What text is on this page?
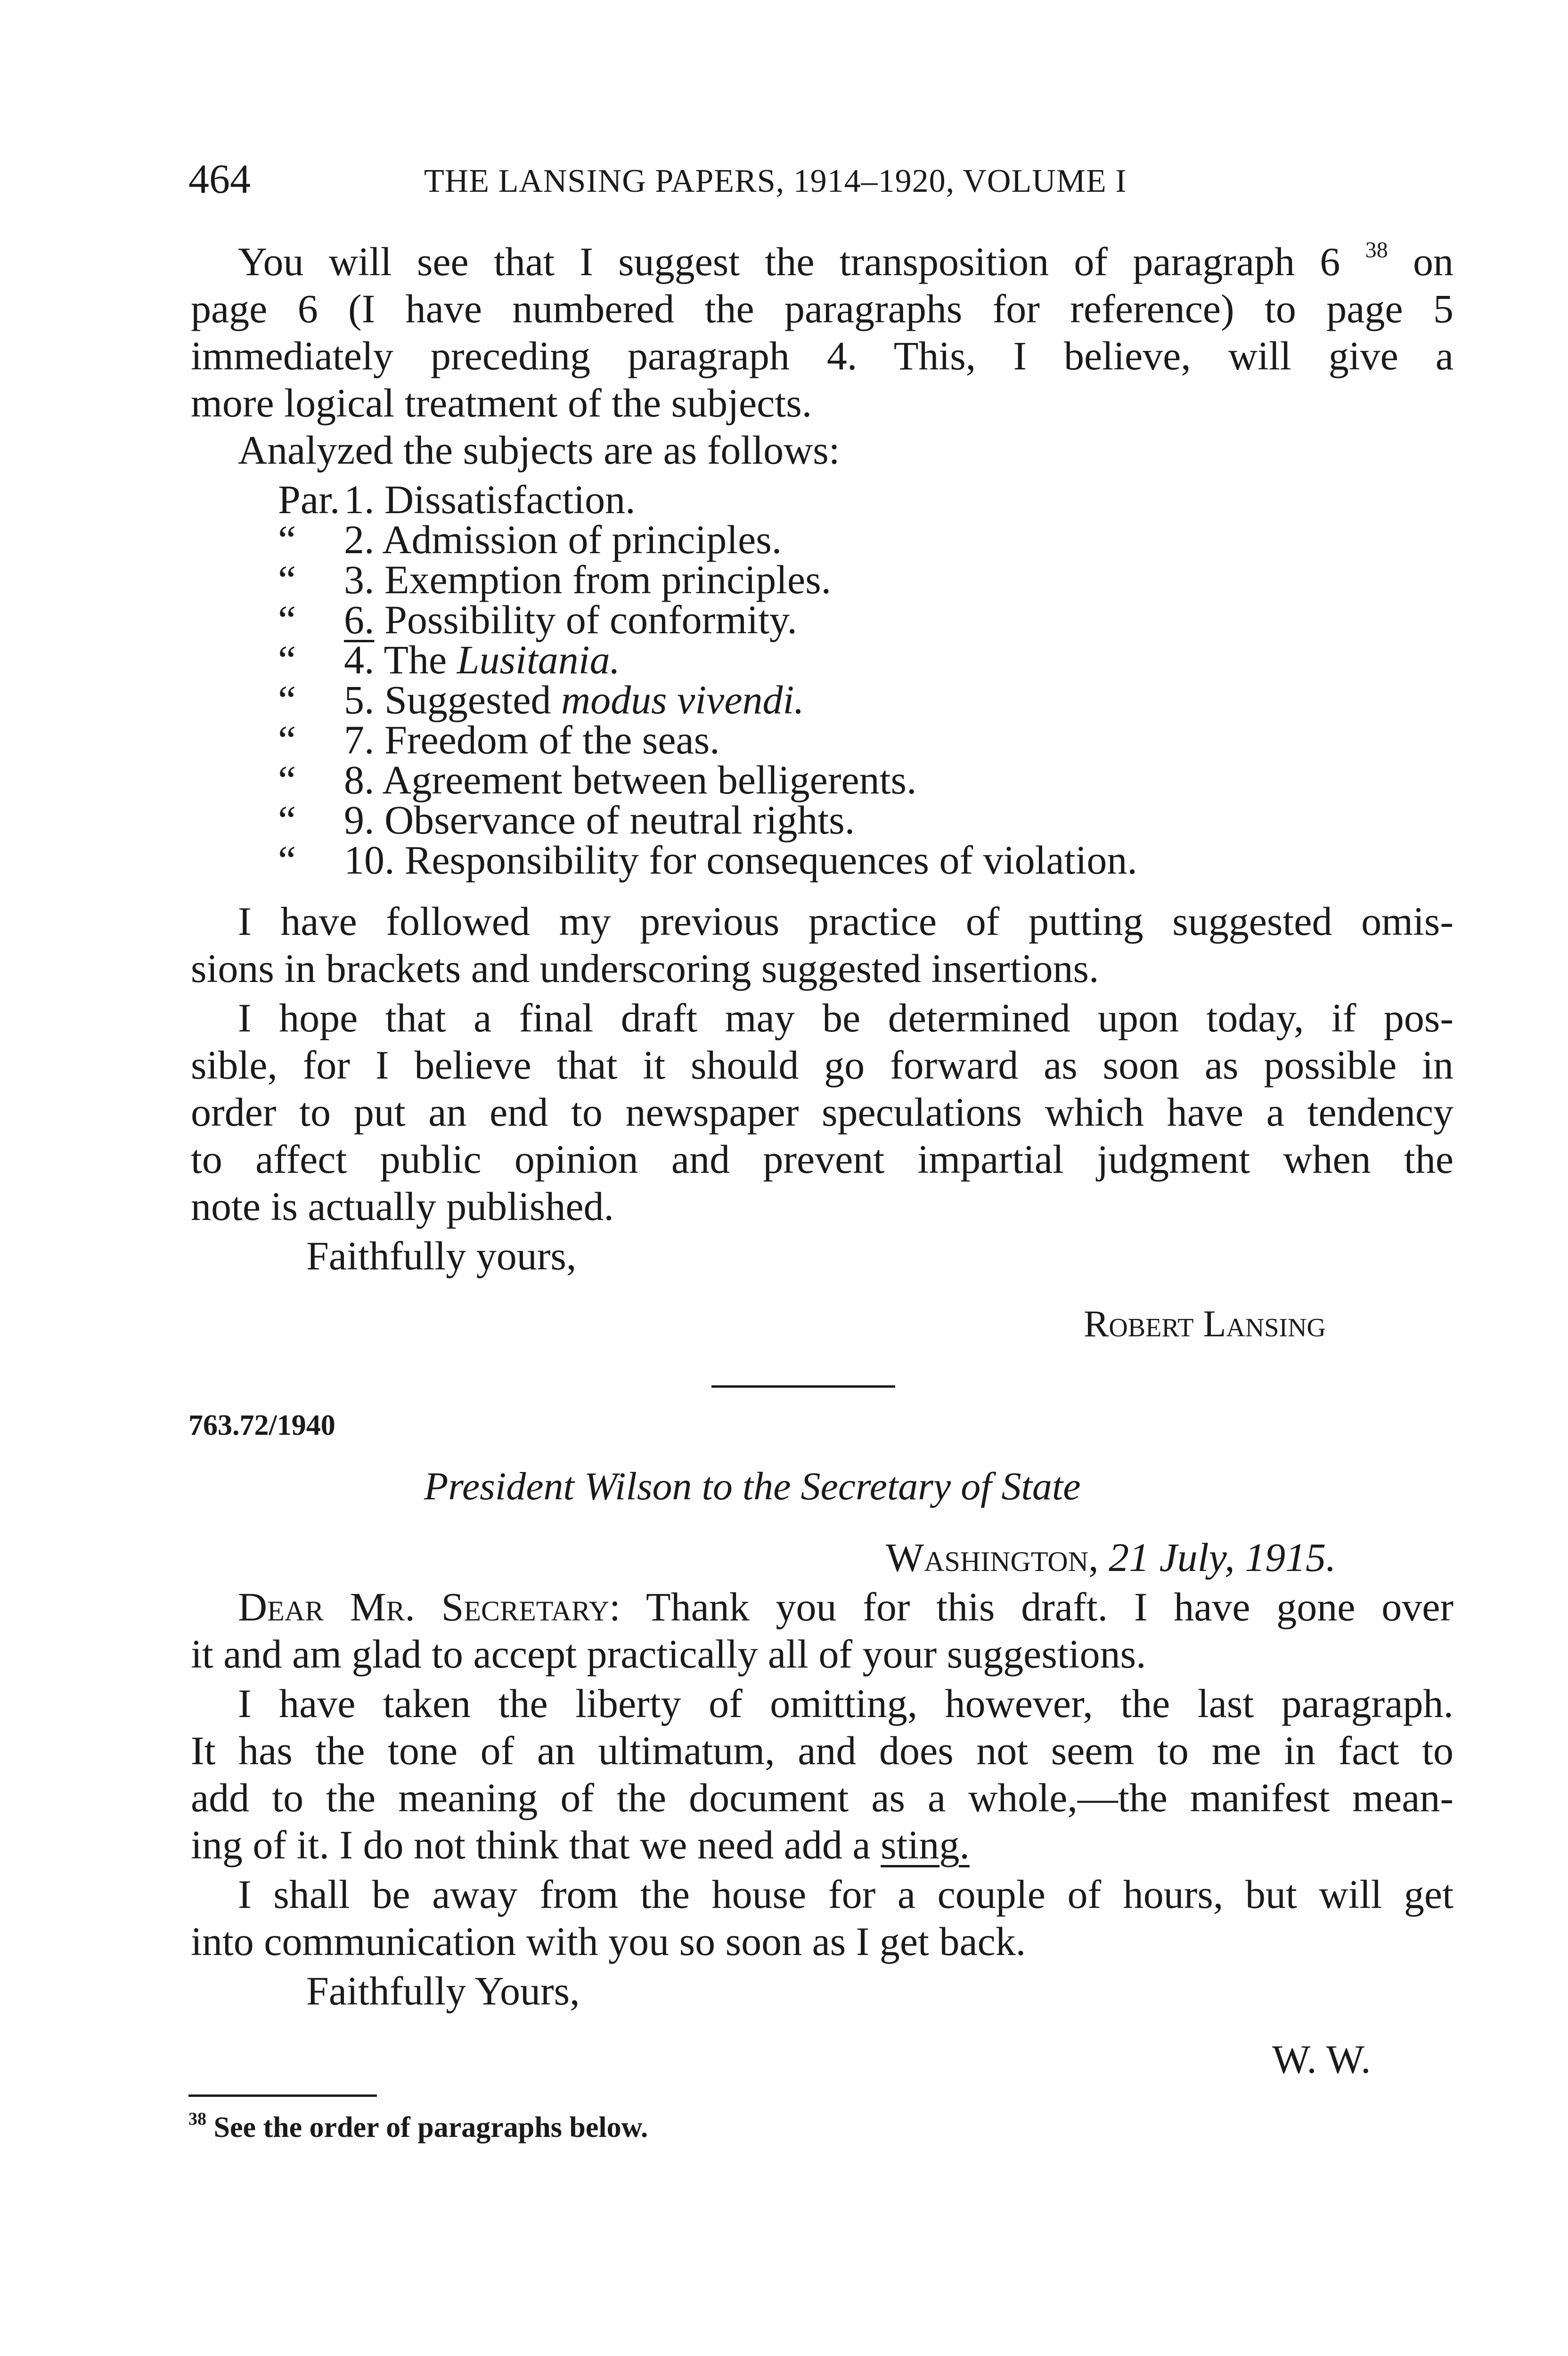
464	THE LANSING PAPERS, 1914–1920, VOLUME I
You will see that I suggest the transposition of paragraph 6 $^{38}$ on
page 6 (I have numbered the paragraphs for reference) to page 5
immediately preceding paragraph 4. This, I believe, will give a
more logical treatment of the subjects.
Analyzed the subjects are as follows:
Par.1. Dissatisfaction.
“ 2. Admission of principles.
“ 3. Exemption from principles.
“ 6. Possibility of conformity.
“ 4. The Lusitania.
“ 5. Suggested modus vivendi.
“ 7. Freedom of the seas.
“ 8. Agreement between belligerents.
“ 9. Observance of neutral rights.
“ 10. Responsibility for consequences of violation.
I have followed my previous practice of putting suggested omis-
sions in brackets and underscoring suggested insertions.
I hope that a final draft may be determined upon today, if pos-
sible, for I believe that it should go forward as soon as possible in
order to put an end to newspaper speculations which have a tendency
to affect public opinion and prevent impartial judgment when the
note is actually published.
Faithfully yours,
Robert Lansing
763.72/1940
President Wilson to the Secretary of State
Washington, 21 July, 1915.
Dear Mr. Secretary: Thank you for this draft. I have gone over
it and am glad to accept practically all of your suggestions.
I have taken the liberty of omitting, however, the last paragraph.
It has the tone of an ultimatum, and does not seem to me in fact to
add to the meaning of the document as a whole,—the manifest mean-
ing of it. I do not think that we need add a sting.
I shall be away from the house for a couple of hours, but will get
into communication with you so soon as I get back.
Faithfully Yours,
W. W.
$^{38}$ See the order of paragraphs below.
